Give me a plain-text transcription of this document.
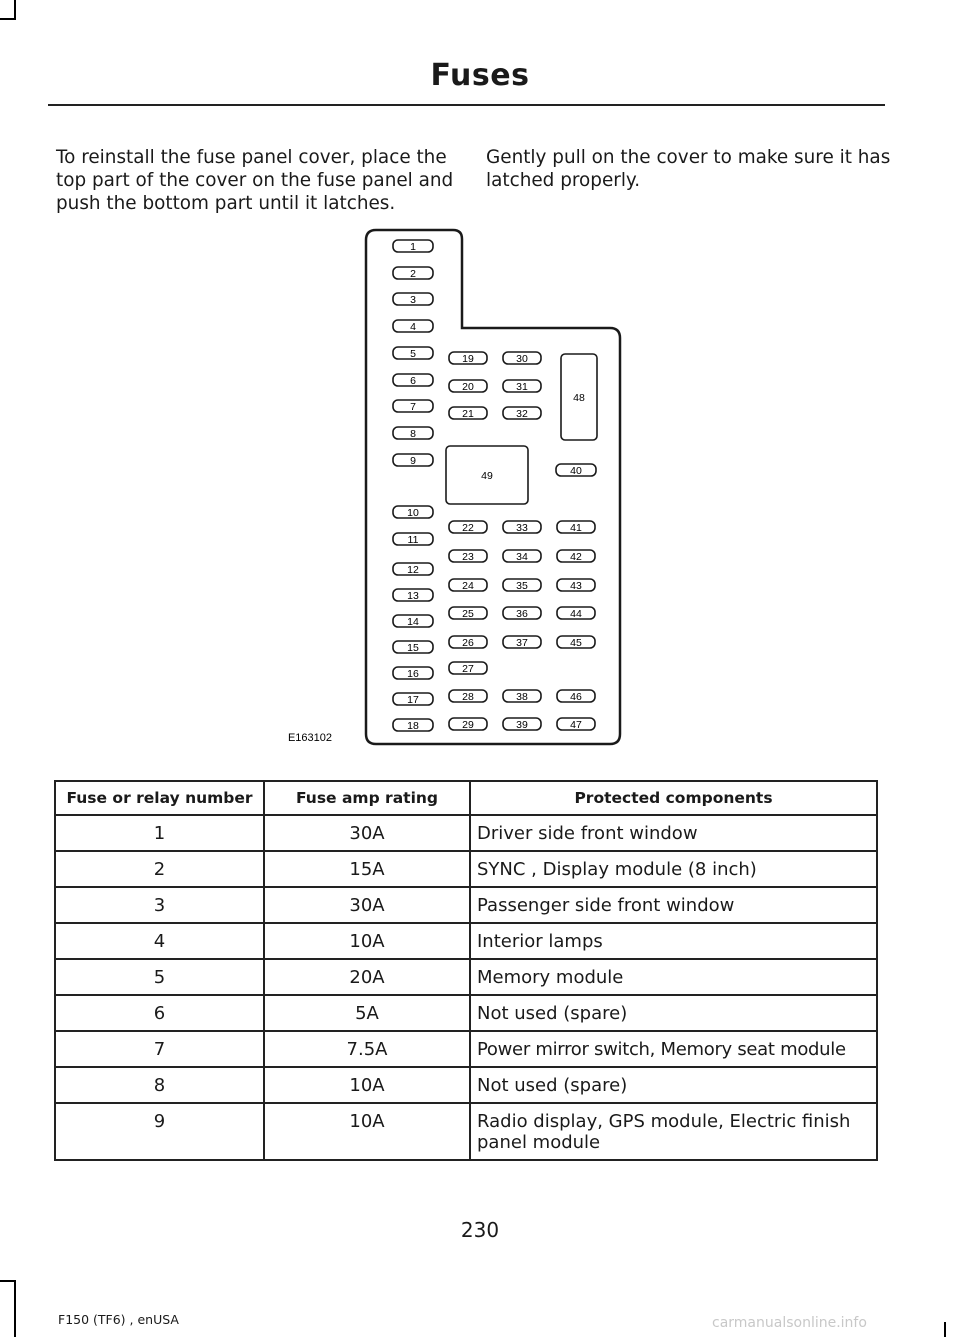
Fuses

To reinstall the fuse panel cover, place the
top part of the cover on the fuse panel and
push the bottom part until it latches.

Gently pull on the cover to make sure it has
latched properly.

1
2
3
4
5
6
7
8
9
10
11
12
13
14
15
16
17
18
19	30
20	31
21	32
22	33	41
23	34	42
24	35	43
25	36	44
26	37	45
27
28	38	46
29	39	47
40
48
49
E163102
Fuse or relay number	Fuse amp rating	Protected components
1	30A	Driver side front window
2	15A	SYNC , Display module (8 inch)
3	30A	Passenger side front window
4	10A	Interior lamps
5	20A	Memory module
6	5A	Not used (spare)
7	7.5A	Power mirror switch, Memory seat module
8	10A	Not used (spare)
9	10A	Radio display, GPS module, Electric finish panel module
230
F150 (TF6) , enUSA	carmanualsonline.info
